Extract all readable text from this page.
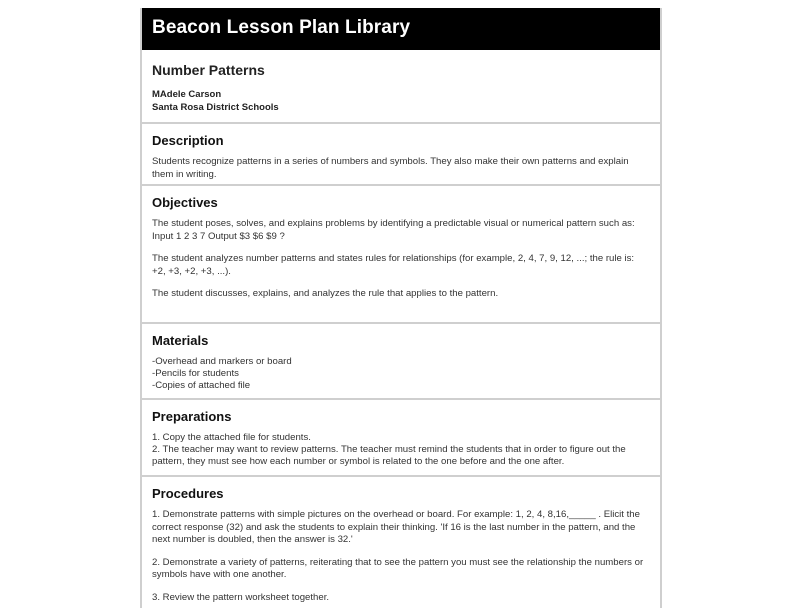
Beacon Lesson Plan Library
Number Patterns
MAdele Carson
Santa Rosa District Schools
Description

Students recognize patterns in a series of numbers and symbols. They also make their own patterns and explain them in writing.

Objectives

The student poses, solves, and explains problems by identifying a predictable visual or numerical pattern such as: Input 1 2 3 7 Output $3 $6 $9 ?

The student analyzes number patterns and states rules for relationships (for example, 2, 4, 7, 9, 12, ...; the rule is: +2, +3, +2, +3, ...).

The student discusses, explains, and analyzes the rule that applies to the pattern.

Materials
-Overhead and markers or board
-Pencils for students
-Copies of attached file
Preparations
1. Copy the attached file for students.
2. The teacher may want to review patterns. The teacher must remind the students that in order to figure out the pattern, they must see how each number or symbol is related to the one before and the one after.
Procedures

1. Demonstrate patterns with simple pictures on the overhead or board. For example: 1, 2, 4, 8,16,_____ . Elicit the correct response (32) and ask the students to explain their thinking. 'If 16 is the last number in the pattern, and the next number is doubled, then the answer is 32.'

2. Demonstrate a variety of patterns, reiterating that to see the pattern you must see the relationship the numbers or symbols have with one another.

3. Review the pattern worksheet together.
